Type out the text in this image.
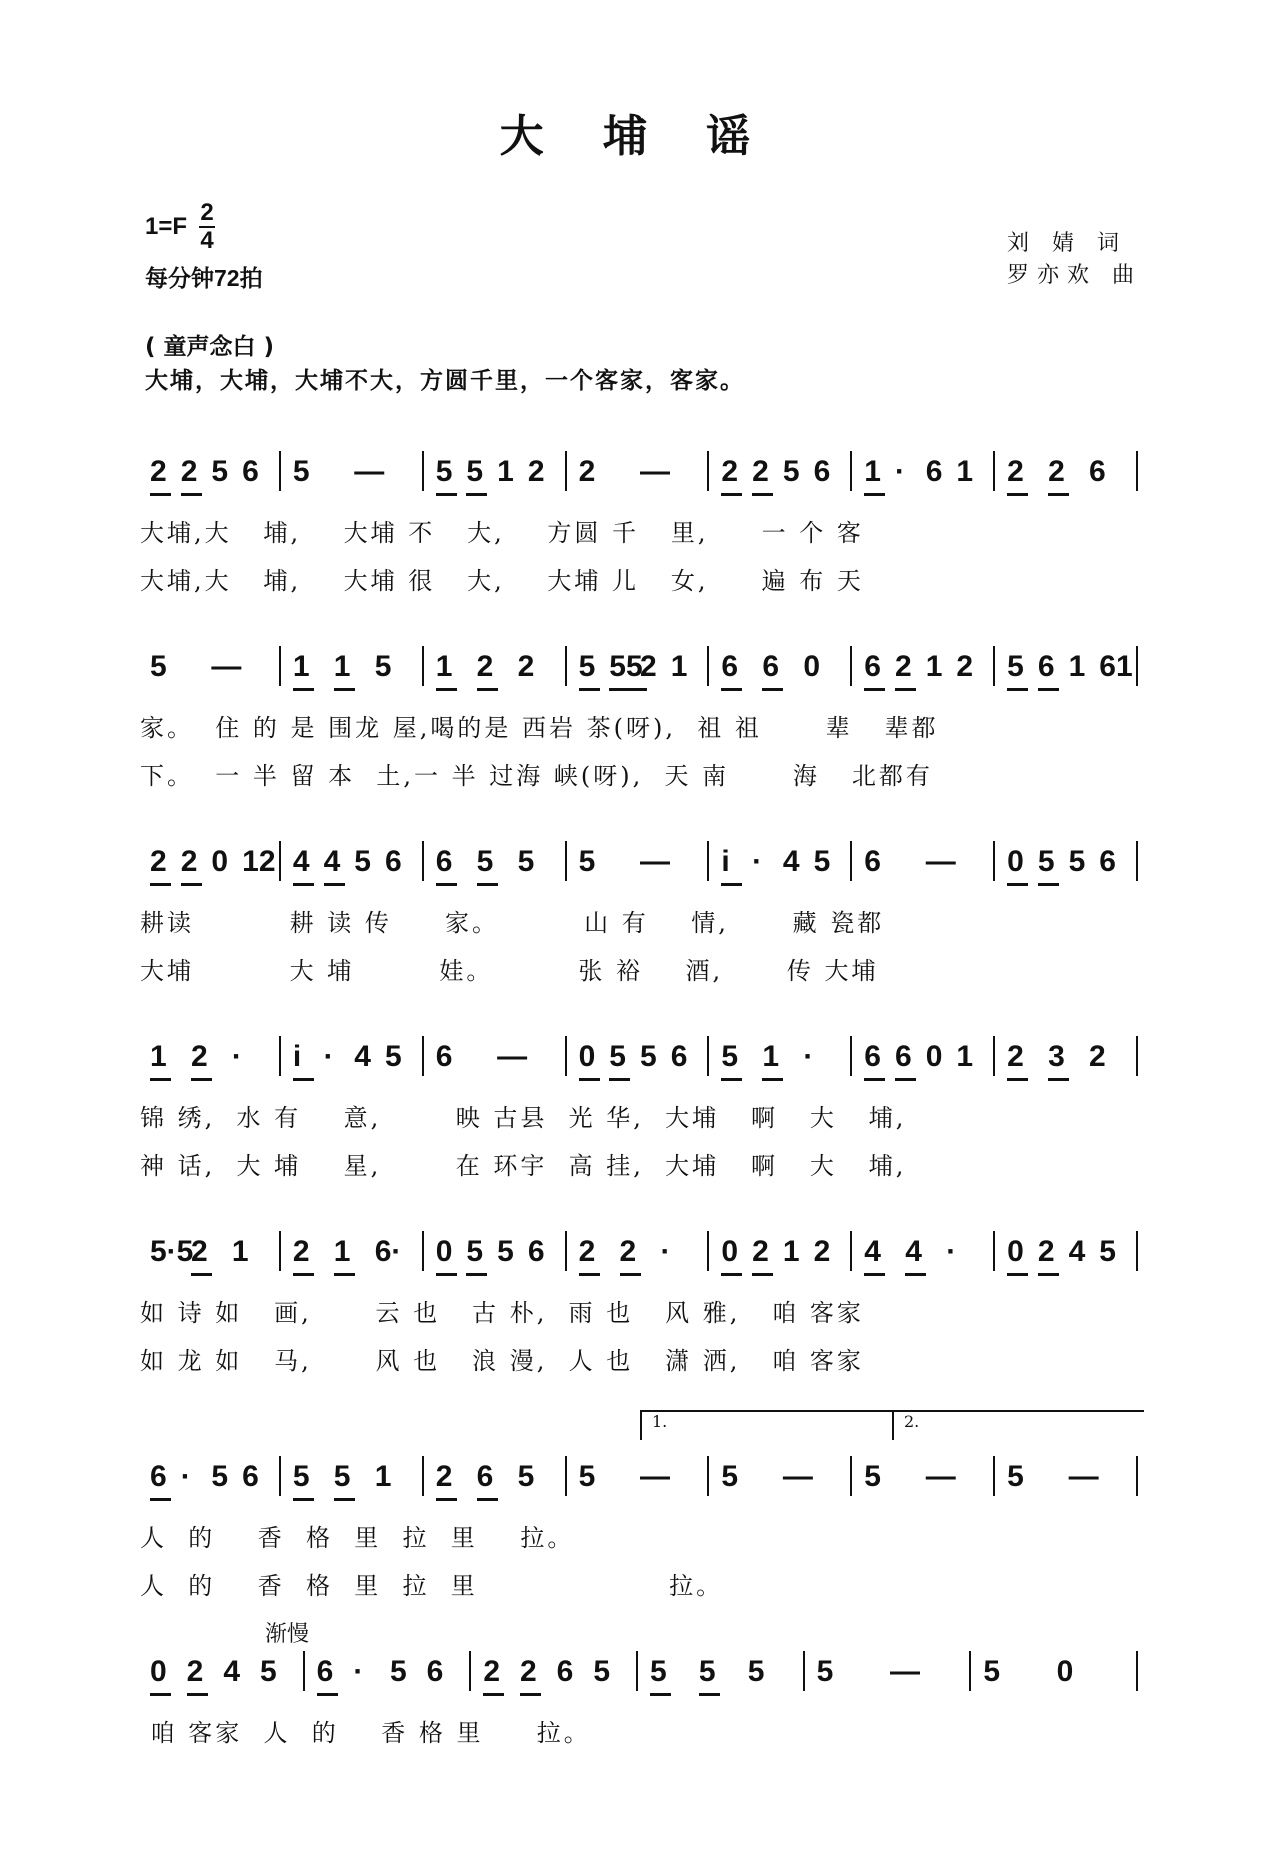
大 埔 谣
$1=F \frac{2}{4}$
每分钟72拍
刘 婧 词
罗亦欢 曲
( 童声念白 )
大埔，大埔，大埔不大，方圆千里，一个客家，客家。
2 2 5 6 5 — 5 5 1 2 2 — 2 2 5 6 1 · 6 1 2 2 6
大埔,大   埔,    大埔 不   大,    方圆 千   里,     一 个 客
大埔,大   埔,    大埔 很   大,    大埔 儿   女,     遍 布 天
5 — 1 1 5 1 2 2 5 55
2 1 6 6 0 6 2 1 2 5 6 1 61
家。  住 的 是 围龙 屋,喝的是 西岩 茶(呀),  祖 祖      辈   辈都
下。  一 半 留 本  土,一 半 过海 峡(呀),  天 南      海   北都有
2 2 0 12 4 4 5 6 6 5 5 5 — i · 4 5 6 — 0 5 5 6
耕读         耕 读 传     家。        山 有    情,      藏 瓷都
大埔         大 埔        娃。        张 裕    酒,      传 大埔
1 2 · i · 4 5 6 — 0 5 5 6 5 1 · 6 6 0 1 2 3 2
锦 绣,  水 有    意,       映 古县  光 华,  大埔   啊   大   埔,
神 话,  大 埔    星,       在 环宇  高 挂,  大埔   啊   大   埔,
5·5
2 1 2 1 6· 0 5 5 6 2 2 · 0 2 1 2 4 4 · 0 2 4 5
如 诗 如   画,      云 也   古 朴,  雨 也   风 雅,   咱 客家
如 龙 如   马,      风 也   浪 漫,  人 也   潇 洒,   咱 客家
6 · 5 6 5 5 1 2 6 5 5 — 5 — 5 — 5 —
1.	2.
人  的    香  格  里  拉  里    拉。
人  的    香  格  里  拉  里                  拉。
0 2 4 5 6 · 5 6 2 2 6 5 5 5 5 5 — 5 0
渐慢
咱 客家  人  的    香 格 里     拉。
